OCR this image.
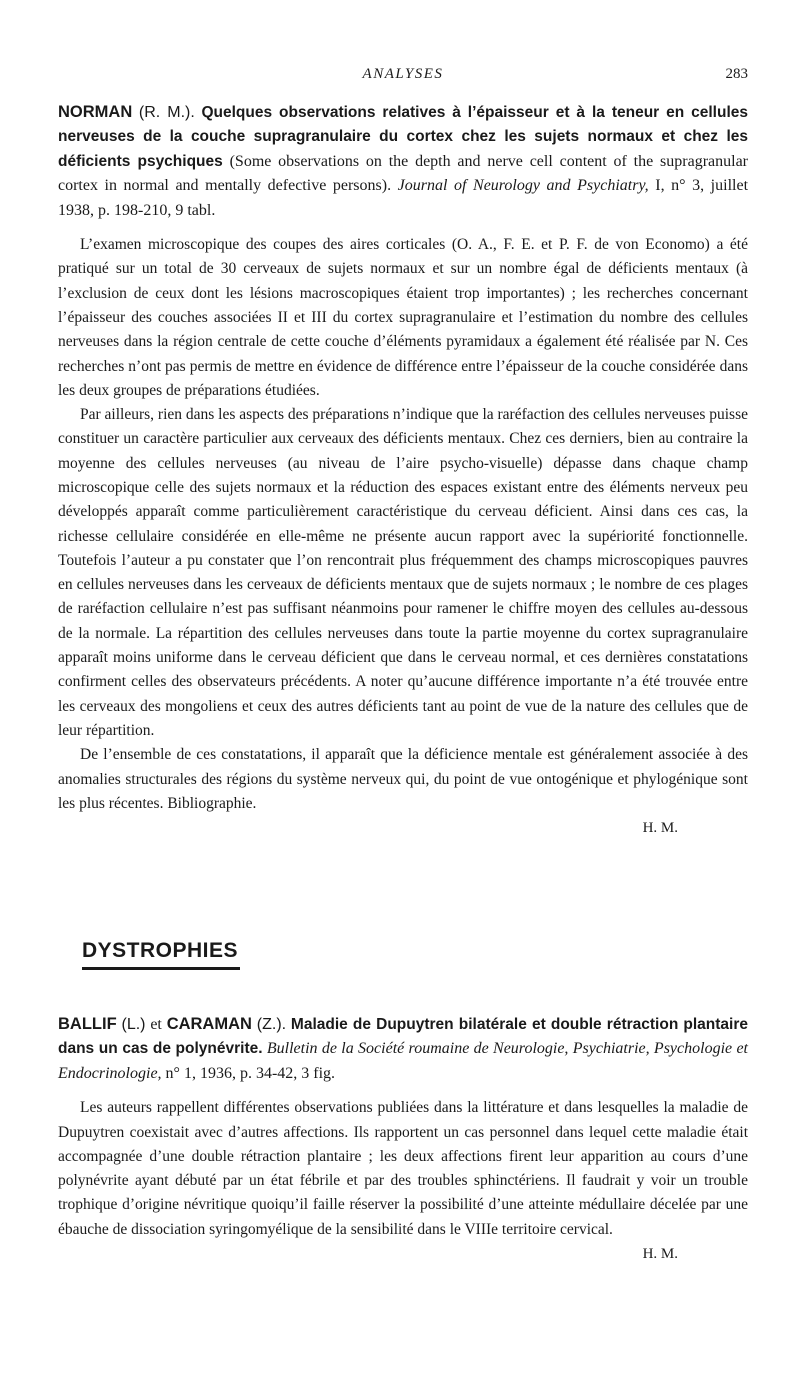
ANALYSES	283
NORMAN (R. M.). Quelques observations relatives à l’épaisseur et à la teneur en cellules nerveuses de la couche supragranulaire du cortex chez les sujets normaux et chez les déficients psychiques (Some observations on the depth and nerve cell content of the supragranular cortex in normal and mentally defective persons). Journal of Neurology and Psychiatry, I, n° 3, juillet 1938, p. 198-210, 9 tabl.

L’examen microscopique des coupes des aires corticales (O. A., F. E. et P. F. de von Economo) a été pratiqué sur un total de 30 cerveaux de sujets normaux et sur un nombre égal de déficients mentaux (à l’exclusion de ceux dont les lésions macroscopiques étaient trop importantes) ; les recherches concernant l’épaisseur des couches associées II et III du cortex supragranulaire et l’estimation du nombre des cellules nerveuses dans la région centrale de cette couche d’éléments pyramidaux a également été réalisée par N. Ces recherches n’ont pas permis de mettre en évidence de différence entre l’épaisseur de la couche considérée dans les deux groupes de préparations étudiées.

Par ailleurs, rien dans les aspects des préparations n’indique que la raréfaction des cellules nerveuses puisse constituer un caractère particulier aux cerveaux des déficients mentaux. Chez ces derniers, bien au contraire la moyenne des cellules nerveuses (au niveau de l’aire psycho-visuelle) dépasse dans chaque champ microscopique celle des sujets normaux et la réduction des espaces existant entre des éléments nerveux peu développés apparaît comme particulièrement caractéristique du cerveau déficient. Ainsi dans ces cas, la richesse cellulaire considérée en elle-même ne présente aucun rapport avec la supériorité fonctionnelle. Toutefois l’auteur a pu constater que l’on rencontrait plus fréquemment des champs microscopiques pauvres en cellules nerveuses dans les cerveaux de déficients mentaux que de sujets normaux ; le nombre de ces plages de raréfaction cellulaire n’est pas suffisant néanmoins pour ramener le chiffre moyen des cellules au-dessous de la normale. La répartition des cellules nerveuses dans toute la partie moyenne du cortex supragranulaire apparaît moins uniforme dans le cerveau déficient que dans le cerveau normal, et ces dernières constatations confirment celles des observateurs précédents. A noter qu’aucune différence importante n’a été trouvée entre les cerveaux des mongoliens et ceux des autres déficients tant au point de vue de la nature des cellules que de leur répartition.

De l’ensemble de ces constatations, il apparaît que la déficience mentale est généralement associée à des anomalies structurales des régions du système nerveux qui, du point de vue ontogénique et phylogénique sont les plus récentes. Bibliographie.

H. M.
DYSTROPHIES
BALLIF (L.) et CARAMAN (Z.). Maladie de Dupuytren bilatérale et double rétraction plantaire dans un cas de polynévrite. Bulletin de la Société roumaine de Neurologie, Psychiatrie, Psychologie et Endocrinologie, n° 1, 1936, p. 34-42, 3 fig.

Les auteurs rappellent différentes observations publiées dans la littérature et dans lesquelles la maladie de Dupuytren coexistait avec d’autres affections. Ils rapportent un cas personnel dans lequel cette maladie était accompagnée d’une double rétraction plantaire ; les deux affections firent leur apparition au cours d’une polynévrite ayant débuté par un état fébrile et par des troubles sphinctériens. Il faudrait y voir un trouble trophique d’origine névritique quoiqu’il faille réserver la possibilité d’une atteinte médullaire décelée par une ébauche de dissociation syringomyélique de la sensibilité dans le VIIIe territoire cervical.

H. M.
